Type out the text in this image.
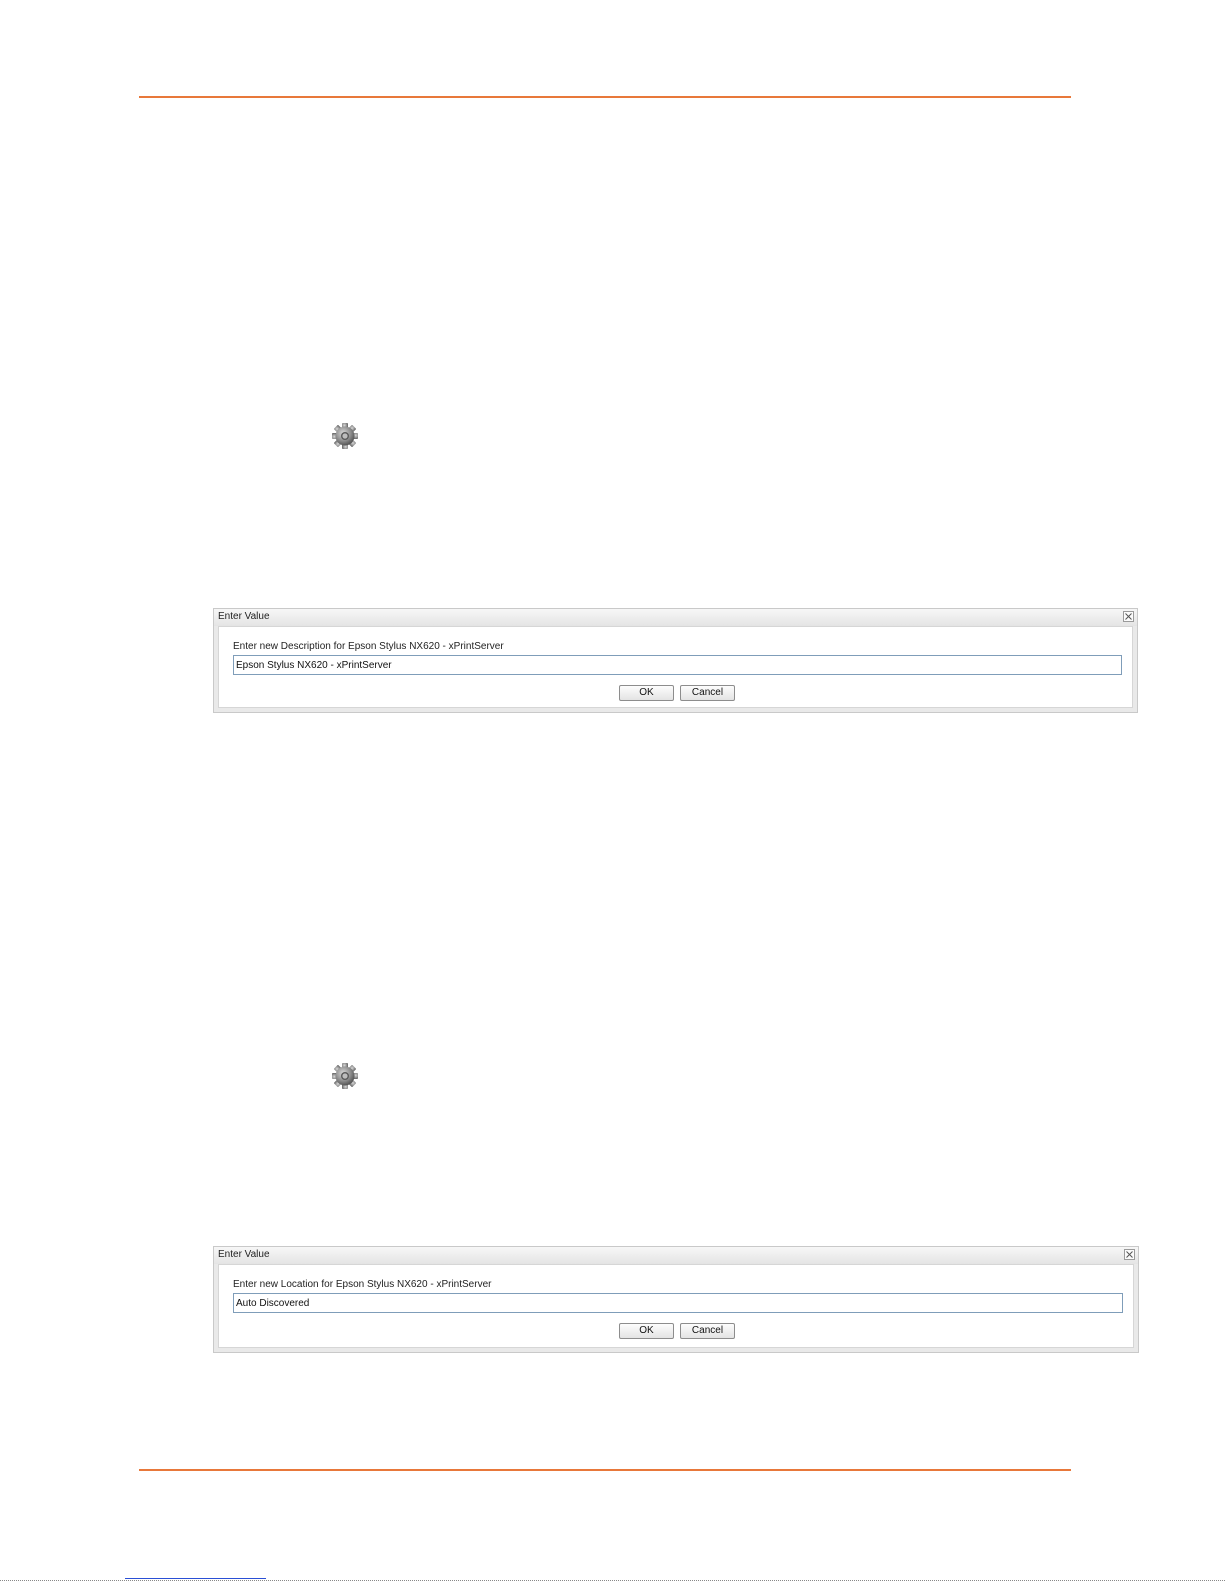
Enter Value
Enter new Description for Epson Stylus NX620 - xPrintServer
Epson Stylus NX620 - xPrintServer
OK	Cancel
Enter Value
Enter new Location for Epson Stylus NX620 - xPrintServer
Auto Discovered
OK	Cancel
